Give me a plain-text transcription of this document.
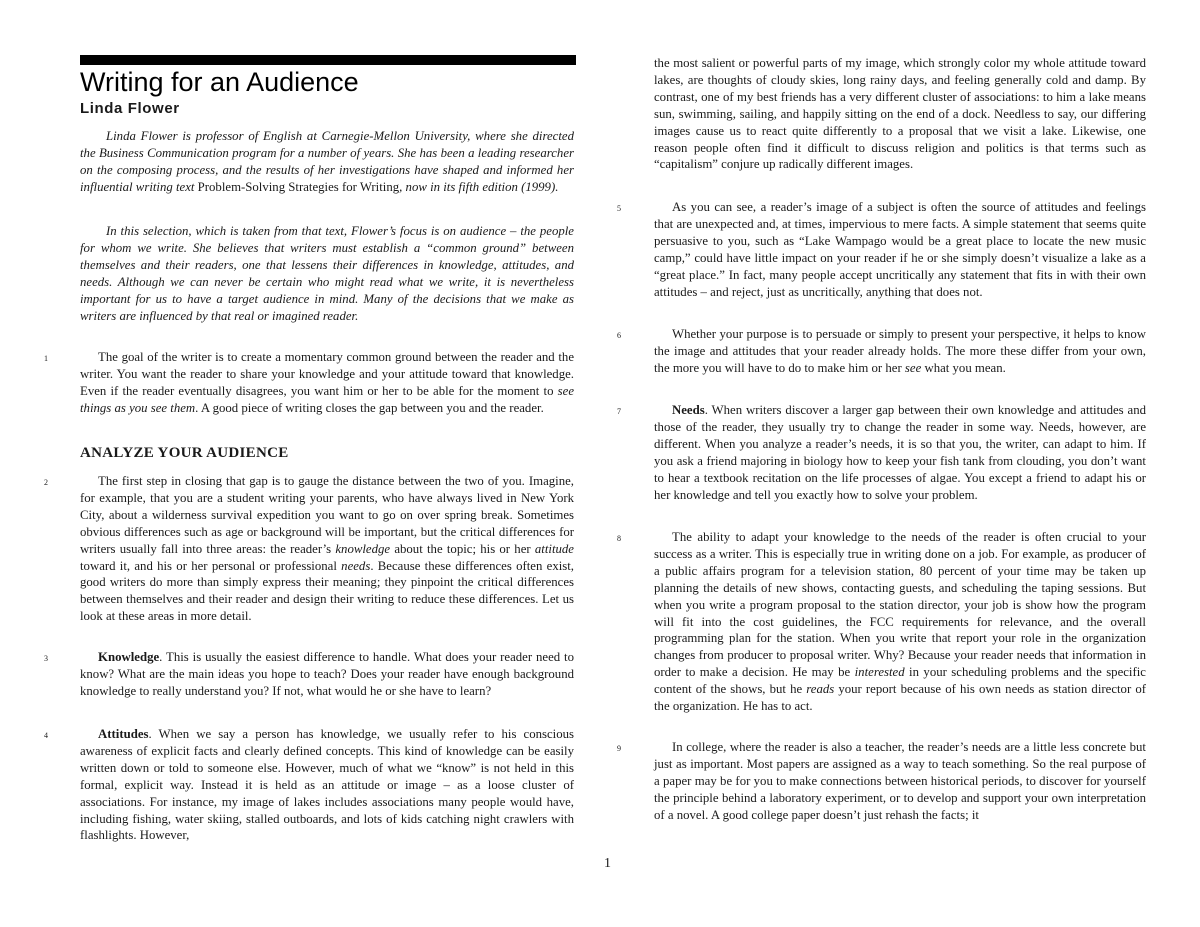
Writing for an Audience
Linda Flower

Linda Flower is professor of English at Carnegie-Mellon University, where she directed the Business Communication program for a number of years. She has been a leading researcher on the composing process, and the results of her investigations have shaped and informed her influential writing text Problem-Solving Strategies for Writing, now in its fifth edition (1999).

In this selection, which is taken from that text, Flower’s focus is on audience – the people for whom we write. She believes that writers must establish a “common ground” between themselves and their readers, one that lessens their differences in knowledge, attitudes, and needs. Although we can never be certain who might read what we write, it is nevertheless important for us to have a target audience in mind. Many of the decisions that we make as writers are influenced by that real or imagined reader.

1	The goal of the writer is to create a momentary common ground between the reader and the writer. You want the reader to share your knowledge and your attitude toward that knowledge. Even if the reader eventually disagrees, you want him or her to be able for the moment to see things as you see them. A good piece of writing closes the gap between you and the reader.

ANALYZE YOUR AUDIENCE
2	The first step in closing that gap is to gauge the distance between the two of you. Imagine, for example, that you are a student writing your parents, who have always lived in New York City, about a wilderness survival expedition you want to go on over spring break. Sometimes obvious differences such as age or background will be important, but the critical differences for writers usually fall into three areas: the reader’s knowledge about the topic; his or her attitude toward it, and his or her personal or professional needs. Because these differences often exist, good writers do more than simply express their meaning; they pinpoint the critical differences between themselves and their reader and design their writing to reduce these differences. Let us look at these areas in more detail.

3	Knowledge. This is usually the easiest difference to handle. What does your reader need to know? What are the main ideas you hope to teach? Does your reader have enough background knowledge to really understand you? If not, what would he or she have to learn?

4	Attitudes. When we say a person has knowledge, we usually refer to his conscious awareness of explicit facts and clearly defined concepts. This kind of knowledge can be easily written down or told to someone else. However, much of what we “know” is not held in this formal, explicit way. Instead it is held as an attitude or image – as a loose cluster of associations. For instance, my image of lakes includes associations many people would have, including fishing, water skiing, stalled outboards, and lots of kids catching night crawlers with flashlights. However,

the most salient or powerful parts of my image, which strongly color my whole attitude toward lakes, are thoughts of cloudy skies, long rainy days, and feeling generally cold and damp. By contrast, one of my best friends has a very different cluster of associations: to him a lake means sun, swimming, sailing, and happily sitting on the end of a dock. Needless to say, our differing images cause us to react quite differently to a proposal that we visit a lake. Likewise, one reason people often find it difficult to discuss religion and politics is that terms such as “capitalism” conjure up radically different images.

5	As you can see, a reader’s image of a subject is often the source of attitudes and feelings that are unexpected and, at times, impervious to mere facts. A simple statement that seems quite persuasive to you, such as “Lake Wampago would be a great place to locate the new music camp,” could have little impact on your reader if he or she simply doesn’t visualize a lake as a “great place.” In fact, many people accept uncritically any statement that fits in with their own attitudes – and reject, just as uncritically, anything that does not.

6	Whether your purpose is to persuade or simply to present your perspective, it helps to know the image and attitudes that your reader already holds. The more these differ from your own, the more you will have to do to make him or her see what you mean.

7	Needs. When writers discover a larger gap between their own knowledge and attitudes and those of the reader, they usually try to change the reader in some way. Needs, however, are different. When you analyze a reader’s needs, it is so that you, the writer, can adapt to him. If you ask a friend majoring in biology how to keep your fish tank from clouding, you don’t want to hear a textbook recitation on the life processes of algae. You except a friend to adapt his or her knowledge and tell you exactly how to solve your problem.

8	The ability to adapt your knowledge to the needs of the reader is often crucial to your success as a writer. This is especially true in writing done on a job. For example, as producer of a public affairs program for a television station, 80 percent of your time may be taken up planning the details of new shows, contacting guests, and scheduling the taping sessions. But when you write a program proposal to the station director, your job is show how the program will fit into the cost guidelines, the FCC requirements for relevance, and the overall programming plan for the station. When you write that report your role in the organization changes from producer to proposal writer. Why? Because your reader needs that information in order to make a decision. He may be interested in your scheduling problems and the specific content of the shows, but he reads your report because of his own needs as station director of the organization. He has to act.

9	In college, where the reader is also a teacher, the reader’s needs are a little less concrete but just as important. Most papers are assigned as a way to teach something. So the real purpose of a paper may be for you to make connections between historical periods, to discover for yourself the principle behind a laboratory experiment, or to develop and support your own interpretation of a novel. A good college paper doesn’t just rehash the facts; it

1
